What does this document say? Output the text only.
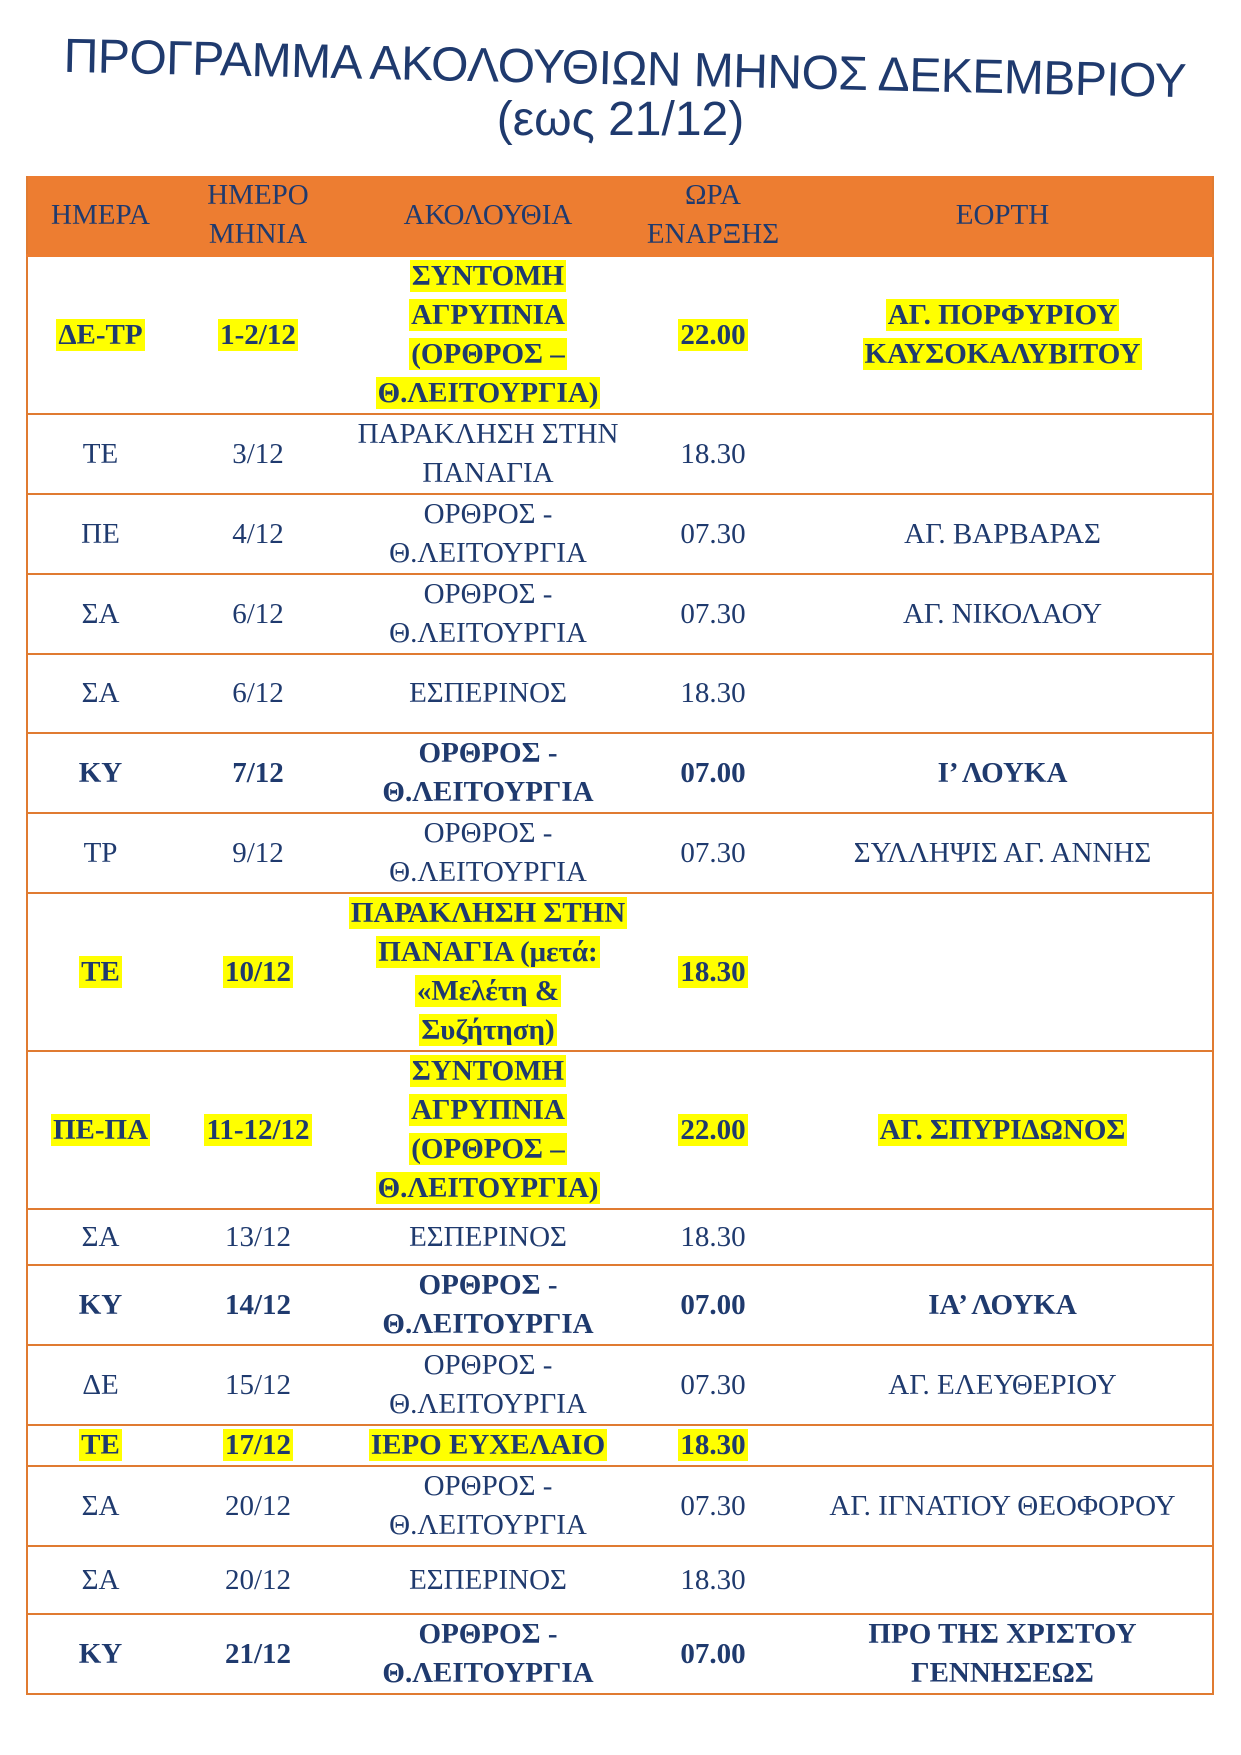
ΠΡΟΓΡΑΜΜΑ ΑΚΟΛΟΥΘΙΩΝ ΜΗΝΟΣ ΔΕΚΕΜΒΡΙΟΥ
(εως 21/12)
ΗΜΕΡΑ	ΗΜΕΡΟ ΜΗΝΙΑ	ΑΚΟΛΟΥΘΙΑ	ΩΡΑ ΕΝΑΡΞΗΣ	ΕΟΡΤΗ
ΔΕ-ΤΡ	1-2/12	ΣΥΝΤΟΜΗ ΑΓΡΥΠΝΙΑ (ΟΡΘΡΟΣ – Θ.ΛΕΙΤΟΥΡΓΙΑ)	22.00	ΑΓ. ΠΟΡΦΥΡΙΟΥ ΚΑΥΣΟΚΑΛΥΒΙΤΟΥ
ΤΕ	3/12	ΠΑΡΑΚΛΗΣΗ ΣΤΗΝ ΠΑΝΑΓΙΑ	18.30	
ΠΕ	4/12	ΟΡΘΡΟΣ - Θ.ΛΕΙΤΟΥΡΓΙΑ	07.30	ΑΓ. ΒΑΡΒΑΡΑΣ
ΣΑ	6/12	ΟΡΘΡΟΣ - Θ.ΛΕΙΤΟΥΡΓΙΑ	07.30	ΑΓ. ΝΙΚΟΛΑΟΥ
ΣΑ	6/12	ΕΣΠΕΡΙΝΟΣ	18.30	
ΚΥ	7/12	ΟΡΘΡΟΣ - Θ.ΛΕΙΤΟΥΡΓΙΑ	07.00	Ι’ ΛΟΥΚΑ
ΤΡ	9/12	ΟΡΘΡΟΣ - Θ.ΛΕΙΤΟΥΡΓΙΑ	07.30	ΣΥΛΛΗΨΙΣ ΑΓ. ΑΝΝΗΣ
ΤΕ	10/12	ΠΑΡΑΚΛΗΣΗ ΣΤΗΝ ΠΑΝΑΓΙΑ (μετά: «Μελέτη & Συζήτηση)	18.30	
ΠΕ-ΠΑ	11-12/12	ΣΥΝΤΟΜΗ ΑΓΡΥΠΝΙΑ (ΟΡΘΡΟΣ – Θ.ΛΕΙΤΟΥΡΓΙΑ)	22.00	ΑΓ. ΣΠΥΡΙΔΩΝΟΣ
ΣΑ	13/12	ΕΣΠΕΡΙΝΟΣ	18.30	
ΚΥ	14/12	ΟΡΘΡΟΣ - Θ.ΛΕΙΤΟΥΡΓΙΑ	07.00	ΙΑ’ ΛΟΥΚΑ
ΔΕ	15/12	ΟΡΘΡΟΣ - Θ.ΛΕΙΤΟΥΡΓΙΑ	07.30	ΑΓ. ΕΛΕΥΘΕΡΙΟΥ
ΤΕ	17/12	ΙΕΡΟ ΕΥΧΕΛΑΙΟ	18.30	
ΣΑ	20/12	ΟΡΘΡΟΣ - Θ.ΛΕΙΤΟΥΡΓΙΑ	07.30	ΑΓ. ΙΓΝΑΤΙΟΥ ΘΕΟΦΟΡΟΥ
ΣΑ	20/12	ΕΣΠΕΡΙΝΟΣ	18.30	
ΚΥ	21/12	ΟΡΘΡΟΣ - Θ.ΛΕΙΤΟΥΡΓΙΑ	07.00	ΠΡΟ ΤΗΣ ΧΡΙΣΤΟΥ ΓΕΝΝΗΣΕΩΣ
